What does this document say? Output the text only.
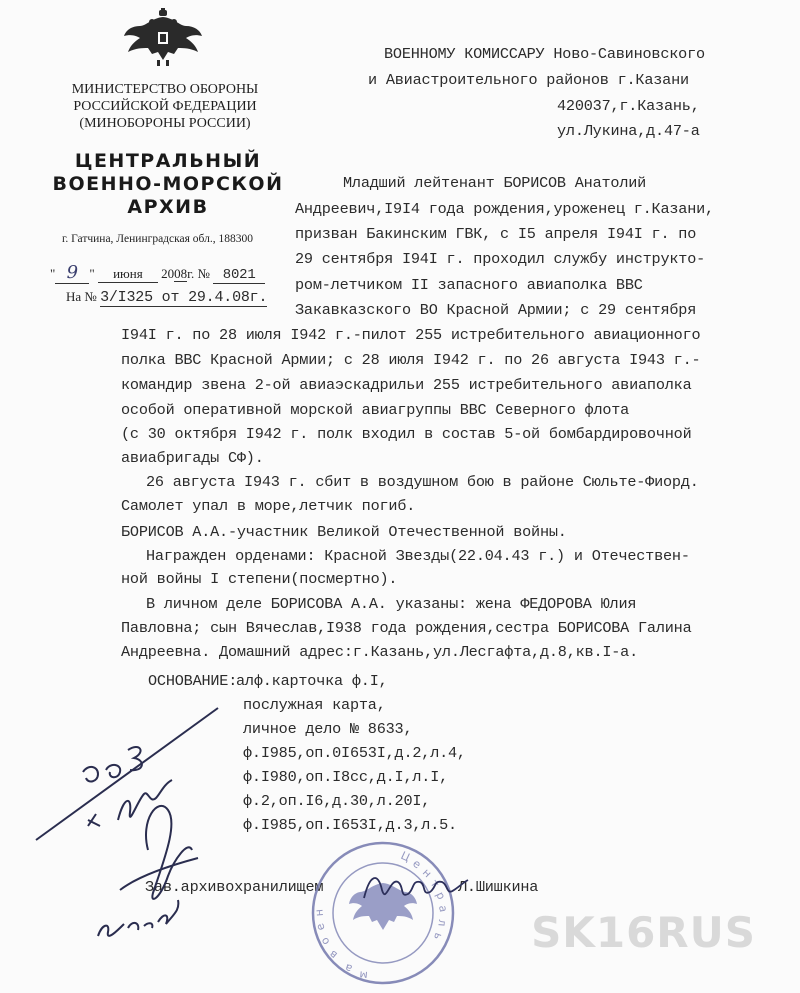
МИНИСТЕРСТВО ОБОРОНЫ
РОССИЙСКОЙ ФЕДЕРАЦИИ
(МИНОБОРОНЫ РОССИИ)
ЦЕНТРАЛЬНЫЙ
ВОЕННО-МОРСКОЙ
АРХИВ
г. Гатчина, Ленинградская обл., 188300
" 9 " июня 2008г. № 8021
На № 3/I325 от 29.4.08г.
ВОЕННОМУ КОМИССАРУ Ново-Савиновского
и Авиастроительного районов г.Казани
420037,г.Казань,
ул.Лукина,д.47-а
Младший лейтенант БОРИСОВ Анатолий
Андреевич,I9I4 года рождения,уроженец г.Казани,
призван Бакинским ГВК, с I5 апреля I94I г. по
29 сентября I94I г. проходил службу инструкто-
ром-летчиком II запасного авиаполка ВВС
Закавказского ВО Красной Армии; с 29 сентября
I94I г. по 28 июля I942 г.-пилот 255 истребительного авиационного
полка ВВС Красной Армии; с 28 июля I942 г. по 26 августа I943 г.-
командир звена 2-ой авиаэскадрильи 255 истребительного авиаполка
особой оперативной морской авиагруппы ВВС Северного флота
(с 30 октября I942 г. полк входил в состав 5-ой бомбардировочной
авиабригады СФ).
26 августа I943 г. сбит в воздушном бою в районе Сюльте-Фиорд.
Самолет упал в море,летчик погиб.
БОРИСОВ А.А.-участник Великой Отечественной войны.
Награжден орденами: Красной Звезды(22.04.43 г.) и Отечествен-
ной войны I степени(посмертно).
В личном деле БОРИСОВА А.А. указаны: жена ФЕДОРОВА Юлия
Павловна; сын Вячеслав,I938 года рождения,сестра БОРИСОВА Галина
Андреевна. Домашний адрес:г.Казань,ул.Лесгафта,д.8,кв.I-а.
ОСНОВАНИЕ:
алф.карточка ф.I,
послужная карта,
личное дело № 8633,
ф.I985,оп.0I653I,д.2,л.4,
ф.I980,оп.I8сс,д.I,л.I,
ф.2,оп.I6,д.30,л.20I,
ф.I985,оп.I653I,д.3,л.5.
Зав.архивохранилищем	Л.Шишкина
Ц
е
н
т
р
а
л
ь
в
о
е
н
а м
SK16RUS
